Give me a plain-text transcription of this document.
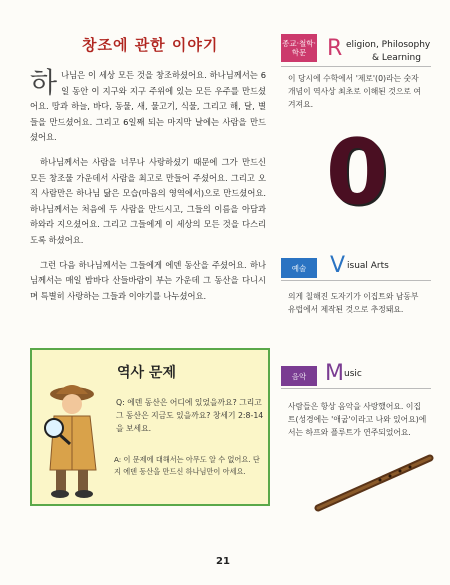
창조에 관한 이야기

하나님은 이 세상 모든 것을 창조하셨어요. 하나님께서는 6일 동안 이 지구와 지구 주위에 있는 모든 우주를 만드셨어요. 땅과 하늘, 바다, 동물, 새, 물고기, 식물, 그리고 해, 달, 별들을 만드셨어요. 그리고 6일째 되는 마지막 날에는 사람을 만드셨어요.

하나님께서는 사람을 너무나 사랑하셨기 때문에 그가 만드신 모든 창조물 가운데서 사람을 최고로 만들어 주셨어요. 그리고 오직 사람만은 하나님 닮은 모습(마음의 영역에서)으로 만드셨어요. 하나님께서는 처음에 두 사람을 만드시고, 그들의 이름을 아담과 하와라 지으셨어요. 그리고 그들에게 이 세상의 모든 것을 다스리도록 하셨어요.

그런 다음 하나님께서는 그들에게 에덴 동산을 주셨어요. 하나님께서는 매일 밤바다 산들바람이 부는 가운데 그 동산을 다니시며 특별히 사랑하는 그들과 이야기를 나누셨어요.

역사 문제
Q: 에덴 동산은 어디에 있었을까요? 그리고 그 동산은 지금도 있을까요? 창세기 2:8-14을 보세요.
A: 이 문제에 대해서는 아무도 알 수 없어요. 단지 에덴 동산을 만드신 하나님만이 아세요.
종교·철학·학문 R eligion, Philosophy
& Learning
이 당시에 수학에서 '제로'(0)라는 숫자 개념이 역사상 최초로 이해된 것으로 여겨져요.
0
예술	V isual Arts
의게 칠해진 도자기가 이집트와 남동부 유럽에서 제작된 것으로 추정돼요.
음악 M usic
사람들은 항상 음악을 사랑했어요. 이집트(성경에는 '애굽'이라고 나와 있어요)에서는 하프와 플루트가 연주되었어요.
21
